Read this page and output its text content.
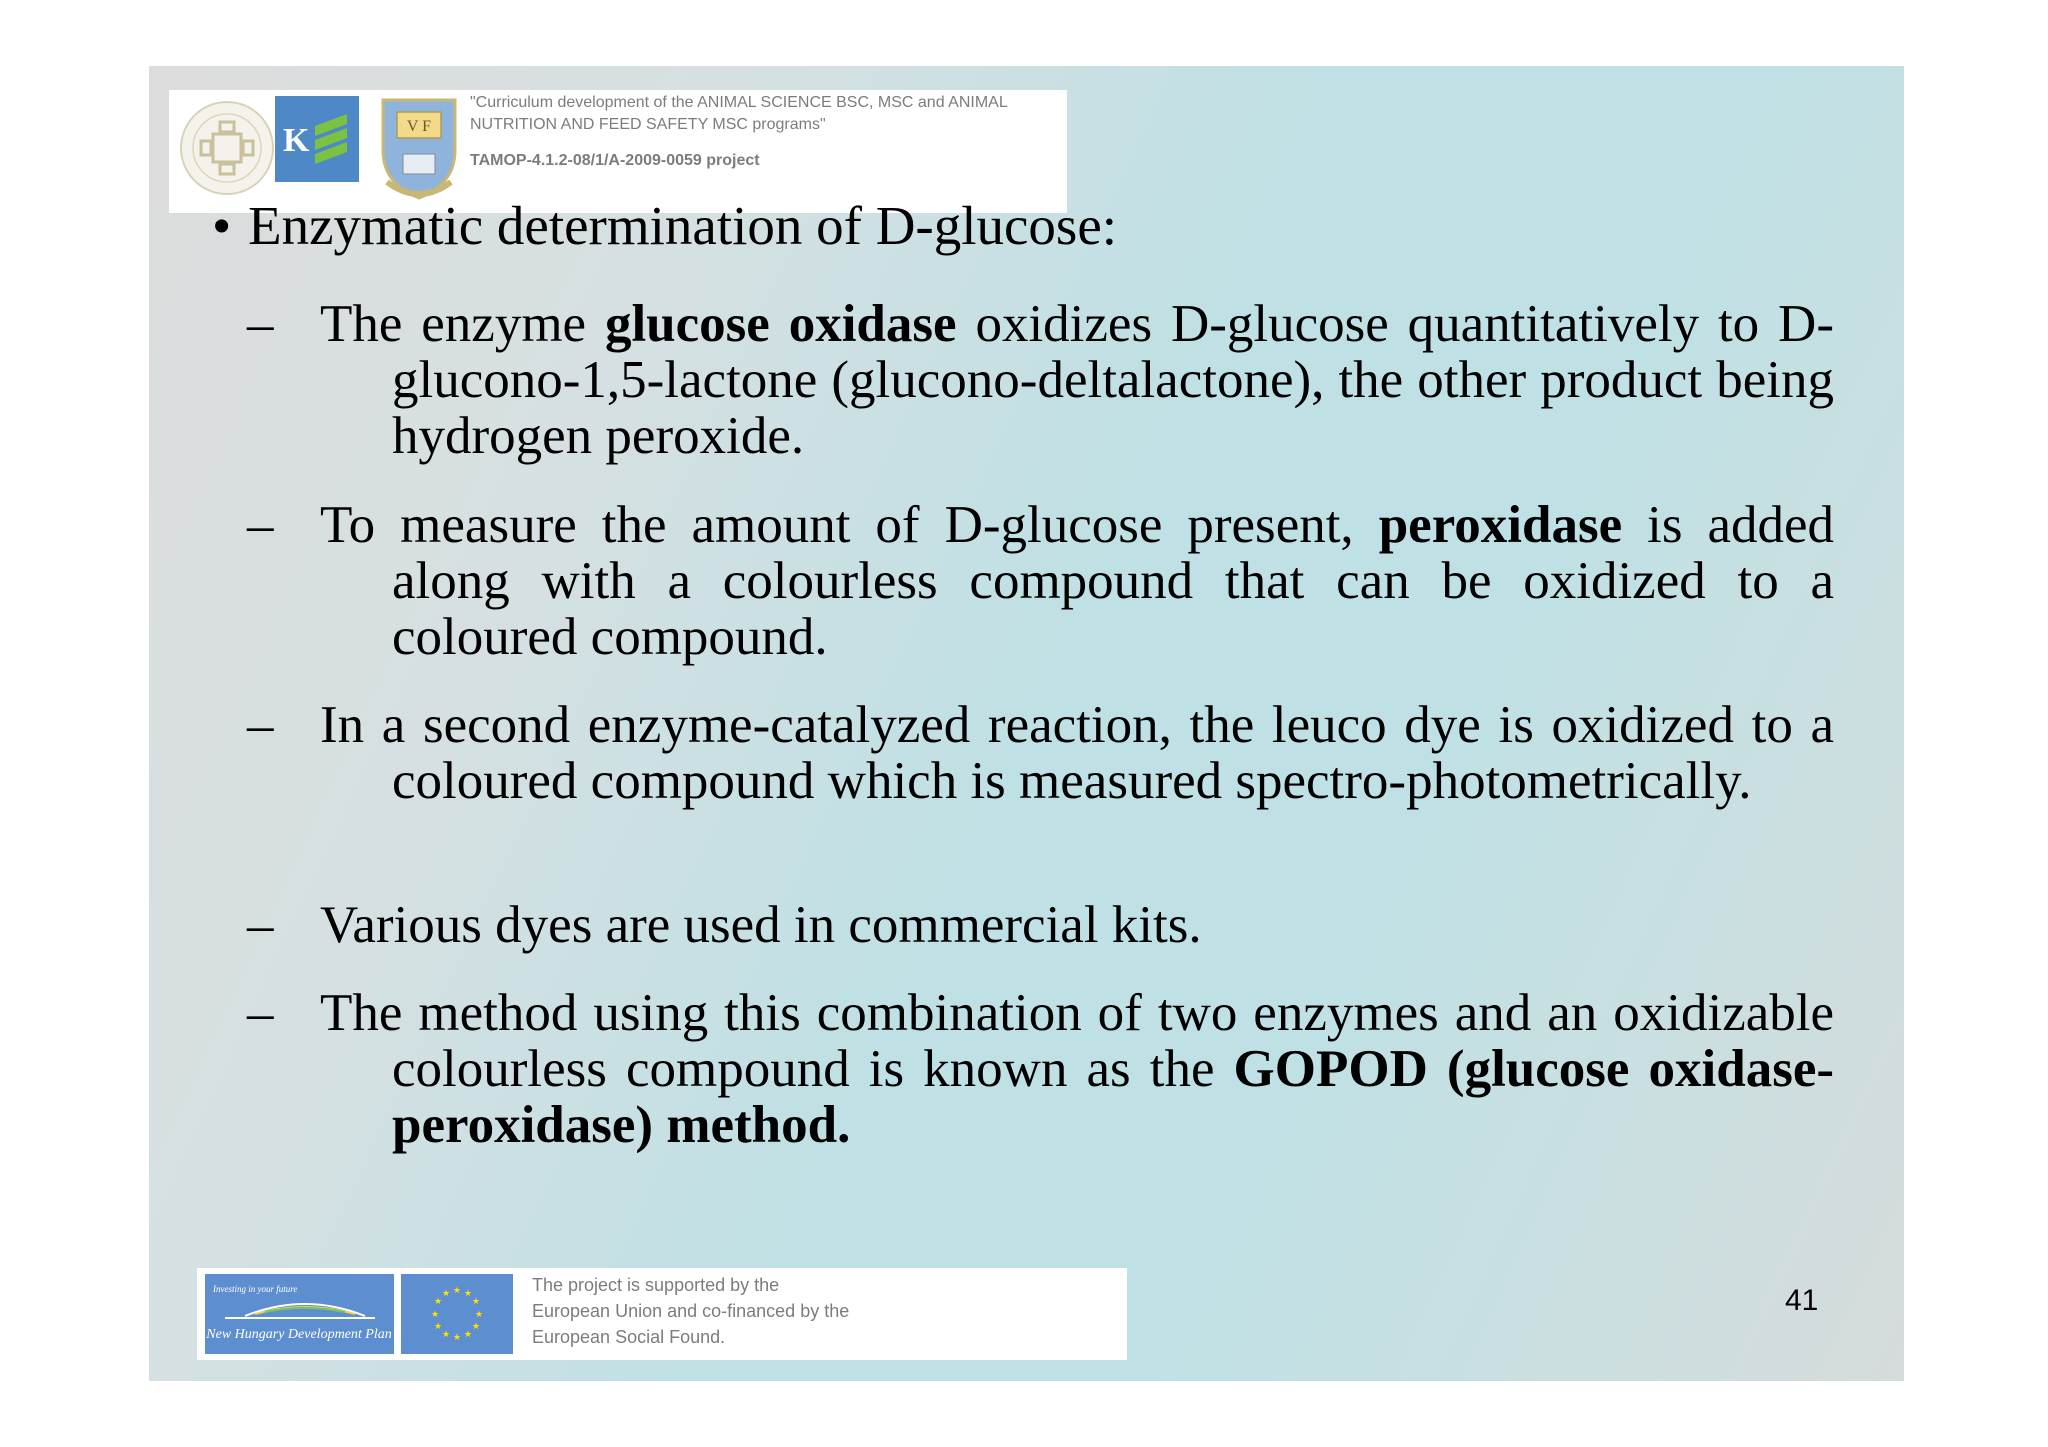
K	V F
"Curriculum development of the ANIMAL SCIENCE BSC, MSC and ANIMAL
NUTRITION AND FEED SAFETY MSC programs"
TAMOP-4.1.2-08/1/A-2009-0059 project
• Enzymatic determination of D-glucose:
– The enzyme glucose oxidase oxidizes D-glucose quantitatively to D-glucono-1,5-lactone (glucono-deltalactone), the other product being hydrogen peroxide.
– To measure the amount of D-glucose present, peroxidase is added along with a colourless compound that can be oxidized to a coloured compound.
– In a second enzyme-catalyzed reaction, the leuco dye is oxidized to a coloured compound which is measured spectro-photometrically.
– Various dyes are used in commercial kits.
– The method using this combination of two enzymes and an oxidizable colourless compound is known as the GOPOD (glucose oxidase-peroxidase) method.
Investing in your future
New Hungary Development Plan
★ ★
★
★
★
★
★
★
★
★
★
★	The project is supported by the
European Union and co-financed by the
European Social Found.
41
